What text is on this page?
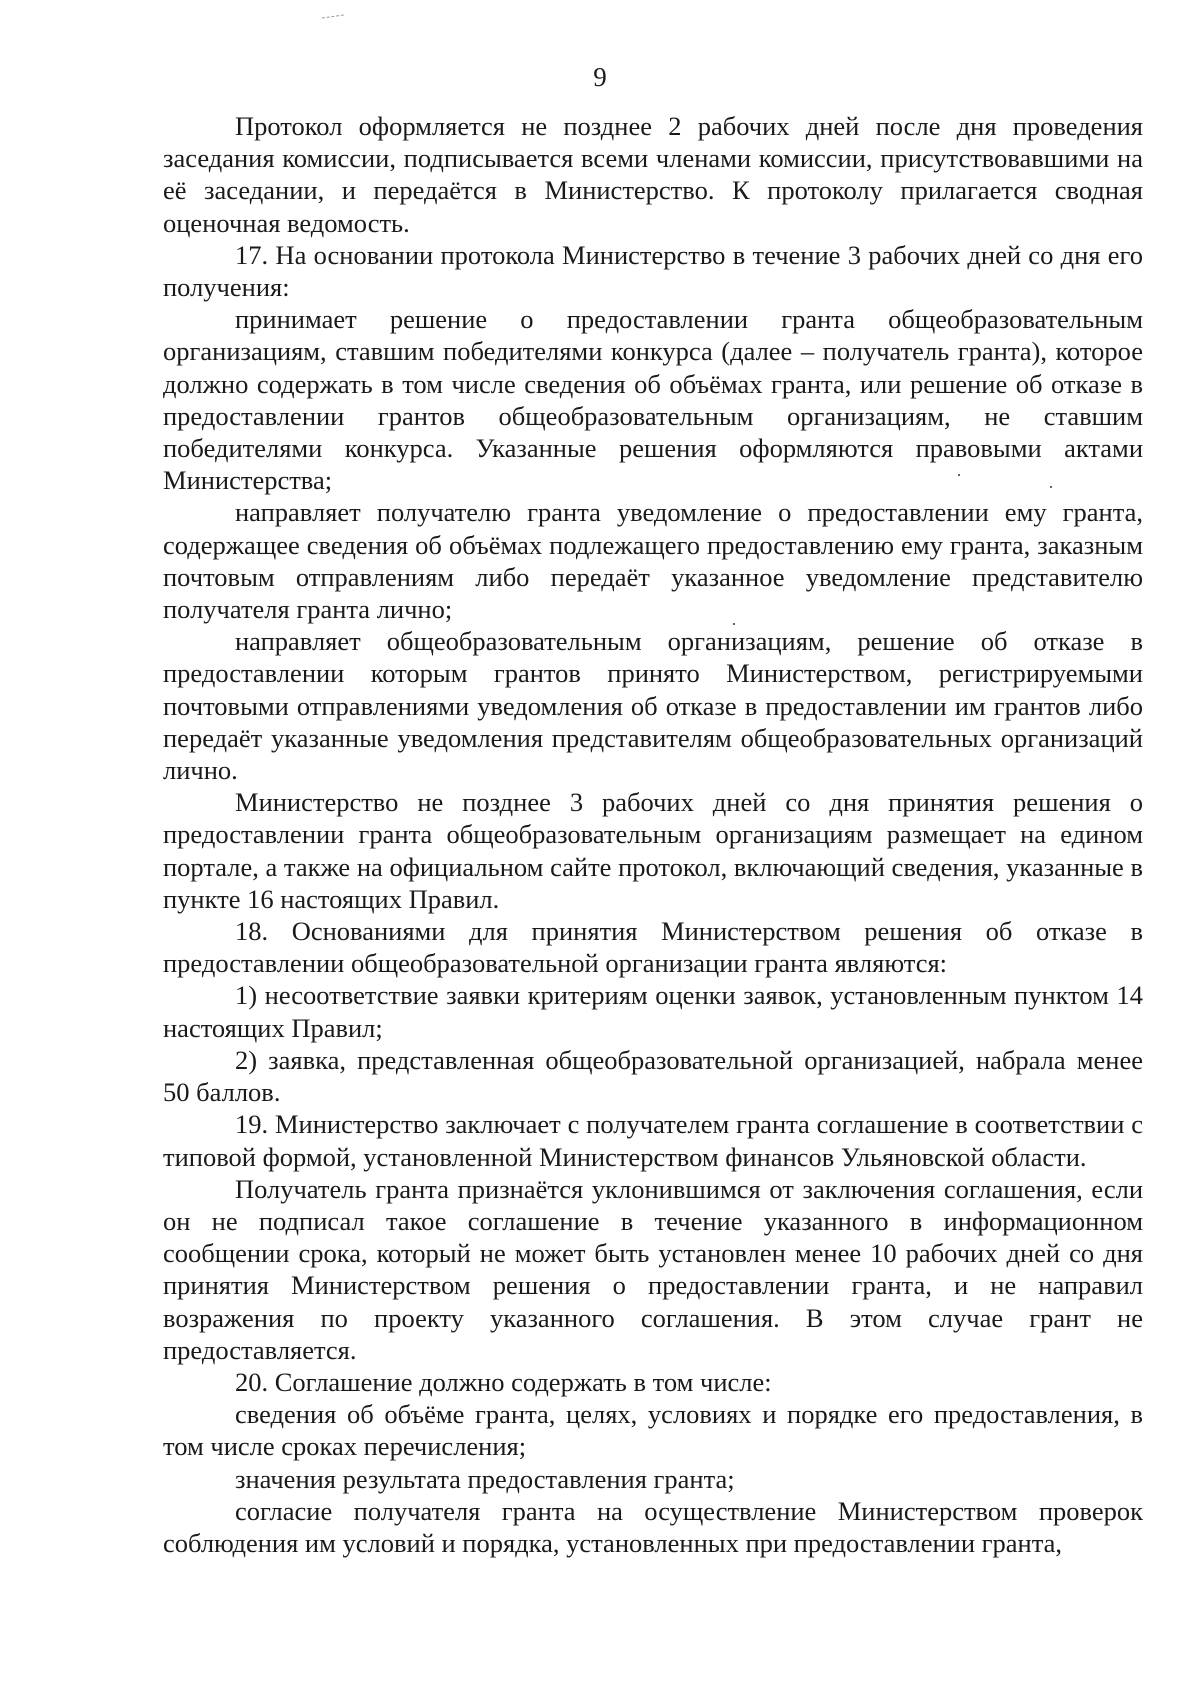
9

Протокол оформляется не позднее 2 рабочих дней после дня проведения заседания комиссии, подписывается всеми членами комиссии, присутствовавшими на её заседании, и передаётся в Министерство. К протоколу прилагается сводная оценочная ведомость.

17. На основании протокола Министерство в течение 3 рабочих дней со дня его получения:

принимает решение о предоставлении гранта общеобразовательным организациям, ставшим победителями конкурса (далее – получатель гранта), которое должно содержать в том числе сведения об объёмах гранта, или решение об отказе в предоставлении грантов общеобразовательным организациям, не ставшим победителями конкурса. Указанные решения оформляются правовыми актами Министерства;

направляет получателю гранта уведомление о предоставлении ему гранта, содержащее сведения об объёмах подлежащего предоставлению ему гранта, заказным почтовым отправлениям либо передаёт указанное уведомление представителю получателя гранта лично;

направляет общеобразовательным организациям, решение об отказе в предоставлении которым грантов принято Министерством, регистрируемыми почтовыми отправлениями уведомления об отказе в предоставлении им грантов либо передаёт указанные уведомления представителям общеобразовательных организаций лично.

Министерство не позднее 3 рабочих дней со дня принятия решения о предоставлении гранта общеобразовательным организациям размещает на едином портале, а также на официальном сайте протокол, включающий сведения, указанные в пункте 16 настоящих Правил.

18. Основаниями для принятия Министерством решения об отказе в предоставлении общеобразовательной организации гранта являются:

1) несоответствие заявки критериям оценки заявок, установленным пунктом 14 настоящих Правил;

2) заявка, представленная общеобразовательной организацией, набрала менее 50 баллов.

19. Министерство заключает с получателем гранта соглашение в соответствии с типовой формой, установленной Министерством финансов Ульяновской области.

Получатель гранта признаётся уклонившимся от заключения соглашения, если он не подписал такое соглашение в течение указанного в информационном сообщении срока, который не может быть установлен менее 10 рабочих дней со дня принятия Министерством решения о предоставлении гранта, и не направил возражения по проекту указанного соглашения. В этом случае грант не предоставляется.

20. Соглашение должно содержать в том числе:

сведения об объёме гранта, целях, условиях и порядке его предоставления, в том числе сроках перечисления;

значения результата предоставления гранта;

согласие получателя гранта на осуществление Министерством проверок соблюдения им условий и порядка, установленных при предоставлении гранта,
